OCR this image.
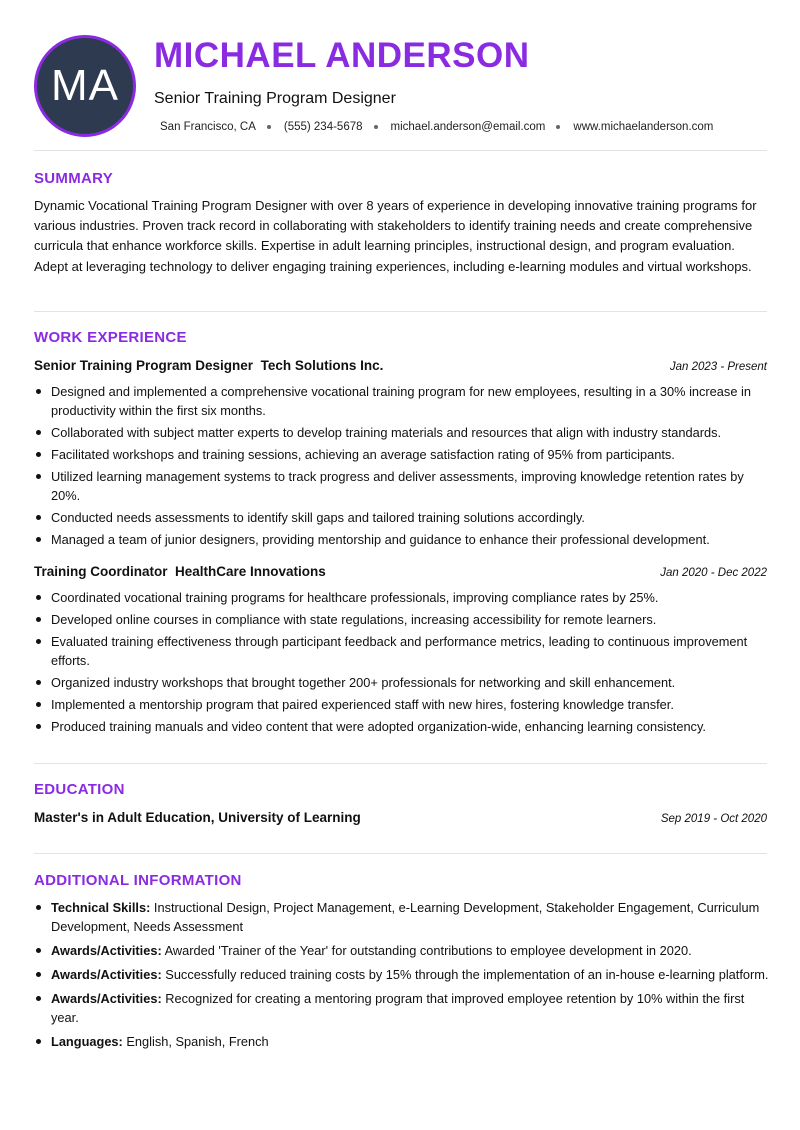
MA
MICHAEL ANDERSON
Senior Training Program Designer
San Francisco, CA (555) 234-5678 michael.anderson@email.com www.michaelanderson.com
SUMMARY

Dynamic Vocational Training Program Designer with over 8 years of experience in developing innovative training programs for various industries. Proven track record in collaborating with stakeholders to identify training needs and create comprehensive curricula that enhance workforce skills. Expertise in adult learning principles, instructional design, and program evaluation. Adept at leveraging technology to deliver engaging training experiences, including e-learning modules and virtual workshops.

WORK EXPERIENCE
Senior Training Program Designer Tech Solutions Inc.	Jan 2023 - Present
Designed and implemented a comprehensive vocational training program for new employees, resulting in a 30% increase in productivity within the first six months.
Collaborated with subject matter experts to develop training materials and resources that align with industry standards.
Facilitated workshops and training sessions, achieving an average satisfaction rating of 95% from participants.
Utilized learning management systems to track progress and deliver assessments, improving knowledge retention rates by 20%.
Conducted needs assessments to identify skill gaps and tailored training solutions accordingly.
Managed a team of junior designers, providing mentorship and guidance to enhance their professional development.
Training Coordinator HealthCare Innovations	Jan 2020 - Dec 2022
Coordinated vocational training programs for healthcare professionals, improving compliance rates by 25%.
Developed online courses in compliance with state regulations, increasing accessibility for remote learners.
Evaluated training effectiveness through participant feedback and performance metrics, leading to continuous improvement efforts.
Organized industry workshops that brought together 200+ professionals for networking and skill enhancement.
Implemented a mentorship program that paired experienced staff with new hires, fostering knowledge transfer.
Produced training manuals and video content that were adopted organization-wide, enhancing learning consistency.
EDUCATION
Master's in Adult Education, University of Learning	Sep 2019 - Oct 2020
ADDITIONAL INFORMATION
Technical Skills: Instructional Design, Project Management, e-Learning Development, Stakeholder Engagement, Curriculum Development, Needs Assessment
Awards/Activities: Awarded 'Trainer of the Year' for outstanding contributions to employee development in 2020.
Awards/Activities: Successfully reduced training costs by 15% through the implementation of an in-house e-learning platform.
Awards/Activities: Recognized for creating a mentoring program that improved employee retention by 10% within the first year.
Languages: English, Spanish, French
